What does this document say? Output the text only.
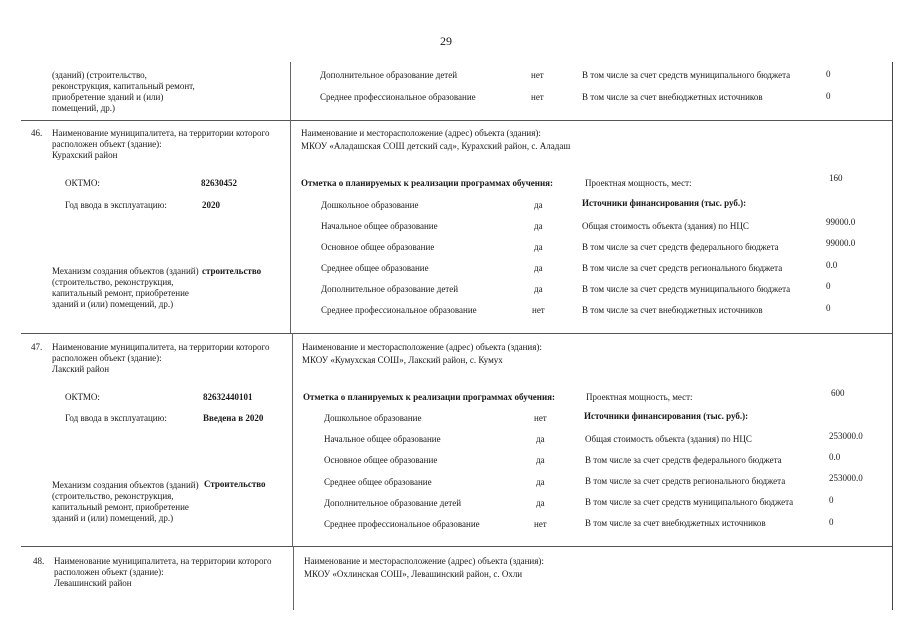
29
(зданий) (строительство, реконструкция, капитальный ремонт, приобретение зданий и (или) помещений, др.)
Дополнительное образование детей	нет	В том числе за счет средств муниципального бюджета	0
Среднее профессиональное образование	нет	В том числе за счет внебюджетных источников	0
46. Наименование муниципалитета, на территории которого расположен объект (здание):
Курахский район
Наименование и месторасположение (адрес) объекта (здания):
МКОУ «Аладашская СОШ детский сад», Курахский район, с. Аладаш
ОКТМО:	82630452	Отметка о планируемых к реализации программах обучения:	Проектная мощность, мест:	160
Год ввода в эксплуатацию:	2020	Источники финансирования (тыс. руб.):
Дошкольное образование	да
Начальное общее образование	да	Общая стоимость объекта (здания) по НЦС	99000.0
Основное общее образование	да	В том числе за счет средств федерального бюджета	99000.0
Механизм создания объектов (зданий) (строительство, реконструкция, капитальный ремонт, приобретение зданий и (или) помещений, др.)
строительство	Среднее общее образование	да	В том числе за счет средств регионального бюджета	0.0
Дополнительное образование детей	да	В том числе за счет средств муниципального бюджета	0
Среднее профессиональное образование	нет	В том числе за счет внебюджетных источников	0
47. Наименование муниципалитета, на территории которого расположен объект (здание):
Лакский район
Наименование и месторасположение (адрес) объекта (здания):
МКОУ «Кумухская СОШ», Лакский район, с. Кумух
ОКТМО:	82632440101	Отметка о планируемых к реализации программах обучения:	Проектная мощность, мест:	600
Год ввода в эксплуатацию:	Введена в 2020	Источники финансирования (тыс. руб.):
Дошкольное образование	нет
Начальное общее образование	да	Общая стоимость объекта (здания) по НЦС	253000.0
Основное общее образование	да	В том числе за счет средств федерального бюджета	0.0
Механизм создания объектов (зданий) (строительство, реконструкция, капитальный ремонт, приобретение зданий и (или) помещений, др.)
Строительство	Среднее общее образование	да	В том числе за счет средств регионального бюджета	253000.0
Дополнительное образование детей	да	В том числе за счет средств муниципального бюджета	0
Среднее профессиональное образование	нет	В том числе за счет внебюджетных источников	0
48. Наименование муниципалитета, на территории которого расположен объект (здание):
Левашинский район
Наименование и месторасположение (адрес) объекта (здания):
МКОУ «Охлинская СОШ», Левашинский район, с. Охли
